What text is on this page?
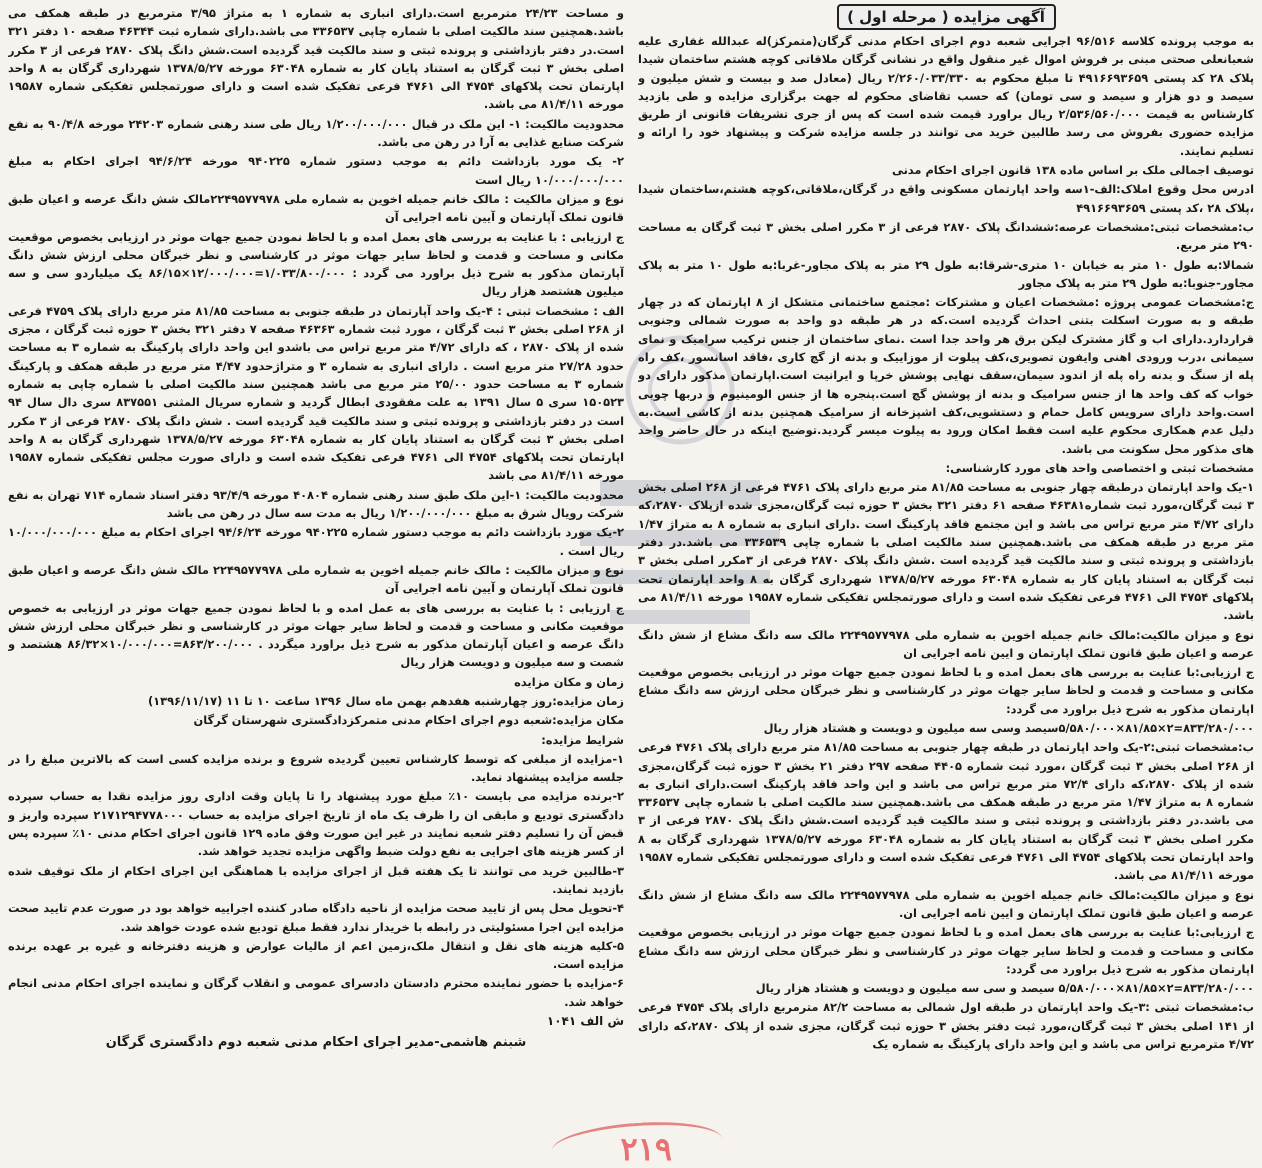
آگهی مزایده ( مرحله اول )

به موجب پرونده کلاسه ۹۶/۵۱۶ اجرایی شعبه دوم اجرای احکام مدنی گرگان(متمرکز)له عبدالله غفاری علیه شعبانعلی صحتی مبنی بر فروش اموال غیر منقول واقع در نشانی گرگان ملاقاتی کوچه هشتم ساختمان شیدا پلاک ۲۸ کد پستی ۴۹۱۶۶۹۳۶۵۹ تا مبلغ محکوم به ۲/۲۶۰/۰۳۳/۳۳۰ ریال (معادل صد و بیست و شش میلیون و سیصد و دو هزار و سیصد و سی تومان) که حسب تقاضای محکوم له جهت برگزاری مزایده و طی بازدید کارشناس به قیمت ۲/۵۳۶/۵۶۰/۰۰۰ ریال براورد قیمت شده است که پس از جری تشریفات قانونی از طریق مزایده حضوری بفروش می رسد طالبین خرید می توانند در جلسه مزایده شرکت و پیشنهاد خود را ارائه و تسلیم نمایند.

توصیف اجمالی ملک بر اساس ماده ۱۳۸ قانون اجرای احکام مدنی

ادرس محل وقوع املاک:الف-۱سه واحد اپارتمان مسکونی واقع در گرگان،ملاقاتی،کوچه هشتم،ساختمان شیدا ،پلاک ۲۸ ،کد پستی ۴۹۱۶۶۹۳۶۵۹

ب:مشخصات ثبتی:مشخصات عرصه:ششدانگ پلاک ۲۸۷۰ فرعی از ۳ مکرر اصلی بخش ۳ ثبت گرگان به مساحت ۲۹۰ متر مربع.

شمالا:به طول ۱۰ متر به خیابان ۱۰ متری-شرقا:به طول ۲۹ متر به پلاک مجاور-غربا:به طول ۱۰ متر به پلاک مجاور-جنوبا:به طول ۲۹ متر به پلاک مجاور

ج:مشخصات عمومی پروژه :مشخصات اعیان و مشترکات :مجتمع ساختمانی متشکل از ۸ اپارتمان که در چهار طبقه و به صورت اسکلت بتنی احداث گردیده است.که در هر طبقه دو واحد به صورت شمالی وجنوبی قراردارد.دارای اب و گاز مشترک لیکن برق هر واحد جدا است .نمای ساختمان از جنس ترکیب سرامیک و نمای سیمانی ،درب ورودی اهنی وایفون تصویری،کف پیلوت از موزاییک و بدنه از گچ کاری ،فاقد اسانسور ،کف راه پله از سنگ و بدنه راه پله از اندود سیمان،سقف نهایی پوشش خرپا و ایرانیت است.اپارتمان مذکور دارای دو خواب که کف واحد ها از جنس سرامیک و بدنه از پوشش گچ است.پنجره ها از جنس الومینیوم و دربها چوبی است.واحد دارای سرویس کامل حمام و دستشویی،کف اشپزخانه از سرامیک همچنین بدنه از کاشی است.به دلیل عدم همکاری محکوم علیه است فقط امکان ورود به پیلوت میسر گردید.توضیح اینکه در حال حاضر واحد های مذکور محل سکونت می باشد.

مشخصات ثبتی و اختصاصی واحد های مورد کارشناسی:

۱-یک واحد اپارتمان درطبقه چهار جنوبی به مساحت ۸۱/۸۵ متر مربع دارای پلاک ۴۷۶۱ فرعی از ۲۶۸ اصلی بخش ۳ ثبت گرگان،مورد ثبت شماره۴۶۳۸۱ صفحه ۶۱ دفتر ۳۲۱ بخش ۳ حوزه ثبت گرگان،مجزی شده ازپلاک ۲۸۷۰،که دارای ۴/۷۲ متر مربع تراس می باشد و این مجتمع فاقد پارکینگ است .دارای انباری به شماره ۸ به متراژ ۱/۴۷ متر مربع در طبقه همکف می باشد.همچنین سند مالکیت اصلی با شماره چاپی ۳۳۶۵۳۹ می باشد.در دفتر بازداشتی و پرونده ثبتی و سند مالکیت قید گردیده است .شش دانگ پلاک ۲۸۷۰ فرعی از ۳مکرر اصلی بخش ۳ ثبت گرگان به استناد پایان کار به شماره ۶۳۰۴۸ مورخه ۱۳۷۸/۵/۲۷ شهرداری گرگان به ۸ واحد اپارتمان تحت پلاکهای ۴۷۵۴ الی ۴۷۶۱ فرعی تفکیک شده است و دارای صورتمجلس تفکیکی شماره ۱۹۵۸۷ مورخه ۸۱/۴/۱۱ می باشد.

نوع و میزان مالکیت:مالک خانم جمیله اخوین به شماره ملی ۲۲۴۹۵۷۷۹۷۸ مالک سه دانگ مشاع از شش دانگ عرصه و اعیان طبق قانون تملک اپارتمان و ایین نامه اجرایی ان

ج ارزیابی:با عنایت به بررسی های بعمل امده و با لحاظ نمودن جمیع جهات موثر در ارزیابی بخصوص موقعیت مکانی و مساحت و قدمت و لحاظ سایر جهات موثر در کارشناسی و نظر خبرگان محلی ارزش سه دانگ مشاع اپارتمان مذکور به شرح ذیل براورد می گردد:

۸۳۳/۲۸۰/۰۰۰=۲×۸۱/۸۵×۵/۵۸۰/۰۰۰سیصد وسی سه میلیون و دویست و هشتاد هزار ریال

ب:مشخصات ثبتی:۲-یک واحد اپارتمان در طبقه چهار جنوبی به مساحت ۸۱/۸۵ متر مربع دارای پلاک ۴۷۶۱ فرعی از ۲۶۸ اصلی بخش ۳ ثبت گرگان ،مورد ثبت شماره ۴۴۰۵ صفحه ۲۹۷ دفتر ۲۱ بخش ۳ حوزه ثبت گرگان،مجزی شده از پلاک ۲۸۷۰،که دارای ۷۲/۴ متر مربع تراس می باشد و این واحد فاقد پارکینگ است.دارای انباری به شماره ۸ به متراژ ۱/۴۷ متر مربع در طبقه همکف می باشد.همچنین سند مالکیت اصلی با شماره چاپی ۳۳۶۵۳۷ می باشد.در دفتر بازداشتی و پرونده ثبتی و سند مالکیت قید گردیده است.شش دانگ پلاک ۲۸۷۰ فرعی از ۳ مکرر اصلی بخش ۳ ثبت گرگان به استناد پایان کار به شماره ۶۳۰۴۸ مورخه ۱۳۷۸/۵/۲۷ شهرداری گرگان به ۸ واحد اپارتمان تحت پلاکهای ۴۷۵۴ الی ۴۷۶۱ فرعی تفکیک شده است و دارای صورتمجلس تفکیکی شماره ۱۹۵۸۷ مورخه ۸۱/۴/۱۱ می باشد.

نوع و میزان مالکیت:مالک خانم جمیله اخوین به شماره ملی ۲۲۴۹۵۷۷۹۷۸ مالک سه دانگ مشاع از شش دانگ عرصه و اعیان طبق قانون تملک اپارتمان و ایین نامه اجرایی ان.

ج ارزیابی:با عنایت به بررسی های بعمل امده و با لحاظ نمودن جمیع جهات موثر در ارزیابی بخصوص موقعیت مکانی و مساحت و قدمت و لحاظ سایر جهات موثر در کارشناسی و نظر خبرگان محلی ارزش سه دانگ مشاع اپارتمان مذکور به شرح ذیل براورد می گردد:

۸۳۳/۲۸۰/۰۰۰=۲×۸۱/۸۵×۵/۵۸۰/۰۰۰ سیصد و سی سه میلیون و دویست و هشتاد هزار ریال

ب:مشخصات ثبتی :۳-یک واحد اپارتمان در طبقه اول شمالی به مساحت ۸۲/۲ مترمربع دارای پلاک ۴۷۵۴ فرعی از ۱۴۱ اصلی بخش ۳ ثبت گرگان،مورد ثبت دفتر بخش ۳ حوزه ثبت گرگان، مجزی شده از پلاک ۲۸۷۰،که دارای ۴/۷۲ مترمربع تراس می باشد و این واحد دارای پارکینگ به شماره یک

و مساحت ۲۴/۲۳ مترمربع است.دارای انباری به شماره ۱ به متراژ ۳/۹۵ مترمربع در طبقه همکف می باشد.همچنین سند مالکیت اصلی با شماره چاپی ۳۳۶۵۳۷ می باشد.دارای شماره ثبت ۴۶۳۴۴ صفحه ۱۰ دفتر ۳۲۱ است.در دفتر بازداشتی و پرونده ثبتی و سند مالکیت قید گردیده است.شش دانگ پلاک ۲۸۷۰ فرعی از ۳ مکرر اصلی بخش ۳ ثبت گرگان به استناد پایان کار به شماره ۶۳۰۴۸ مورخه ۱۳۷۸/۵/۲۷ شهرداری گرگان به ۸ واحد اپارتمان تحت پلاکهای ۴۷۵۴ الی ۴۷۶۱ فرعی تفکیک شده است و دارای صورتمجلس تفکیکی شماره ۱۹۵۸۷ مورخه ۸۱/۴/۱۱ می باشد.

محدودیت مالکیت: ۱- این ملک در قبال ۱/۲۰۰/۰۰۰/۰۰۰ ریال طی سند رهنی شماره ۲۴۲۰۳ مورخه ۹۰/۴/۸ به نفع شرکت صنایع غذایی به آرا در رهن می باشد.

۲- یک مورد بازداشت دائم به موجب دستور شماره ۹۴۰۲۲۵ مورخه ۹۴/۶/۲۴ اجرای احکام به مبلغ ۱۰/۰۰۰/۰۰۰/۰۰۰ ریال است

نوع و میزان مالکیت : مالک خانم جمیله اخوین به شماره ملی ۲۲۴۹۵۷۷۹۷۸مالک شش دانگ عرصه و اعیان طبق قانون تملک آپارتمان و آیین نامه اجرایی آن

ج ارزیابی : با عنایت به بررسی های بعمل امده و با لحاظ نمودن جمیع جهات موثر در ارزیابی بخصوص موقعیت مکانی و مساحت و قدمت و لحاظ سایر جهات موثر در کارشناسی و نظر خبرگان محلی ارزش شش دانگ آپارتمان مذکور به شرح ذیل براورد می گردد : ۱/۰۳۳/۸۰۰/۰۰۰=۱۲/۰۰۰/۰۰۰×۸۶/۱۵ یک میلیاردو سی و سه میلیون هشتصد هزار ریال

الف : مشخصات ثبتی : ۴-یک واحد آپارتمان در طبقه جنوبی به مساحت ۸۱/۸۵ متر مربع دارای پلاک ۴۷۵۹ فرعی از ۲۶۸ اصلی بخش ۳ ثبت گرگان ، مورد ثبت شماره ۴۶۳۶۳ صفحه ۷ دفتر ۳۲۱ بخش ۳ حوزه ثبت گرگان ، مجزی شده از پلاک ۲۸۷۰ ، که دارای ۴/۷۲ متر مربع تراس می باشدو این واحد دارای پارکینگ به شماره ۳ به مساحت حدود ۲۷/۲۸ متر مربع است . دارای انباری به شماره ۳ و متراژحدود ۴/۴۷ متر مربع در طبقه همکف و پارکینگ شماره ۳ به مساحت حدود ۲۵/۰۰ متر مربع می باشد همچنین سند مالکیت اصلی با شماره چاپی به شماره ۱۵۰۵۲۳ سری ۵ سال ۱۳۹۱ به علت مفقودی ابطال گردید و شماره سریال المثنی ۸۳۷۵۵۱ سری دال سال ۹۴ است در دفتر بازداشتی و پرونده ثبتی و سند مالکیت قید گردیده است . شش دانگ پلاک ۲۸۷۰ فرعی از ۳ مکرر اصلی بخش ۳ ثبت گرگان به استناد پایان کار به شماره ۶۳۰۴۸ مورخه ۱۳۷۸/۵/۲۷ شهرداری گرگان به ۸ واحد اپارتمان تحت پلاکهای ۴۷۵۴ الی ۴۷۶۱ فرعی تفکیک شده است و دارای صورت مجلس تفکیکی شماره ۱۹۵۸۷ مورخه ۸۱/۴/۱۱ می باشد

محدودیت مالکیت: ۱-این ملک طبق سند رهنی شماره ۴۰۸۰۴ مورخه ۹۳/۴/۹ دفتر اسناد شماره ۷۱۴ تهران به نفع شرکت رویال شرق به مبلغ ۱/۲۰۰/۰۰۰/۰۰۰ ریال به مدت سه سال در رهن می باشد

۲-یک مورد بازداشت دائم به موجب دستور شماره ۹۴۰۲۲۵ مورخه ۹۴/۶/۲۴ اجرای احکام به مبلغ ۱۰/۰۰۰/۰۰۰/۰۰۰ ریال است .

نوع و میزان مالکیت : مالک خانم جمیله اخوین به شماره ملی ۲۲۴۹۵۷۷۹۷۸ مالک شش دانگ عرصه و اعیان طبق قانون تملک آپارتمان و آیین نامه اجرایی آن

ج ارزیابی : با عنایت به بررسی های به عمل امده و با لحاظ نمودن جمیع جهات موثر در ارزیابی به خصوص موقعیت مکانی و مساحت و قدمت و لحاظ سایر جهات موثر در کارشناسی و نظر خبرگان محلی ارزش شش دانگ عرصه و اعیان آپارتمان مذکور به شرح ذیل براورد میگردد . ۸۶۳/۲۰۰/۰۰۰=۱۰/۰۰۰/۰۰۰×۸۶/۳۲ هشتصد و شصت و سه میلیون و دویست هزار ریال

زمان و مکان مزایده

زمان مزایده:روز چهارشنبه هفدهم بهمن ماه سال ۱۳۹۶ ساعت ۱۰ تا ۱۱ (۱۳۹۶/۱۱/۱۷)

مکان مزایده:شعبه دوم اجرای احکام مدنی متمرکزدادگستری شهرستان گرگان

شرایط مزایده:

۱-مزایده از مبلغی که توسط کارشناس تعیین گردیده شروع و برنده مزایده کسی است که بالاترین مبلغ را در جلسه مزایده پیشنهاد نماید.

۲-برنده مزایده می بایست ۱۰٪ مبلغ مورد پیشنهاد را تا پایان وقت اداری روز مزایده نقدا به حساب سپرده دادگستری تودیع و مابقی ان را ظرف یک ماه از تاریخ اجرای مزایده به حساب ۲۱۷۱۲۹۴۷۷۸۰۰۰ سپرده واریز و قبض آن را تسلیم دفتر شعبه نمایند در غیر این صورت وفق ماده ۱۲۹ قانون اجرای احکام مدنی ۱۰٪ سپرده پس از کسر هزینه های اجرایی به نفع دولت ضبط واگهی مزایده تجدید خواهد شد.

۳-طالبین خرید می توانند تا یک هفته قبل از اجرای مزایده با هماهنگی این اجرای احکام از ملک توقیف شده بازدید نمایند.

۴-تحویل محل پس از تایید صحت مزایده از ناحیه دادگاه صادر کننده اجراییه خواهد بود در صورت عدم تایید صحت مزایده این اجرا مسئولیتی در رابطه با خریدار ندارد فقط مبلغ تودیع شده عودت خواهد شد.

۵-کلیه هزینه های نقل و انتقال ملک،زمین اعم از مالیات عوارض و هزینه دفترخانه و غیره بر عهده برنده مزایده است.

۶-مزایده با حضور نماینده محترم دادستان دادسرای عمومی و انقلاب گرگان و نماینده اجرای احکام مدنی انجام خواهد شد.

ش الف ۱۰۴۱

شبنم هاشمی-مدیر اجرای احکام مدنی شعبه دوم دادگستری گرگان
۲۱۹
